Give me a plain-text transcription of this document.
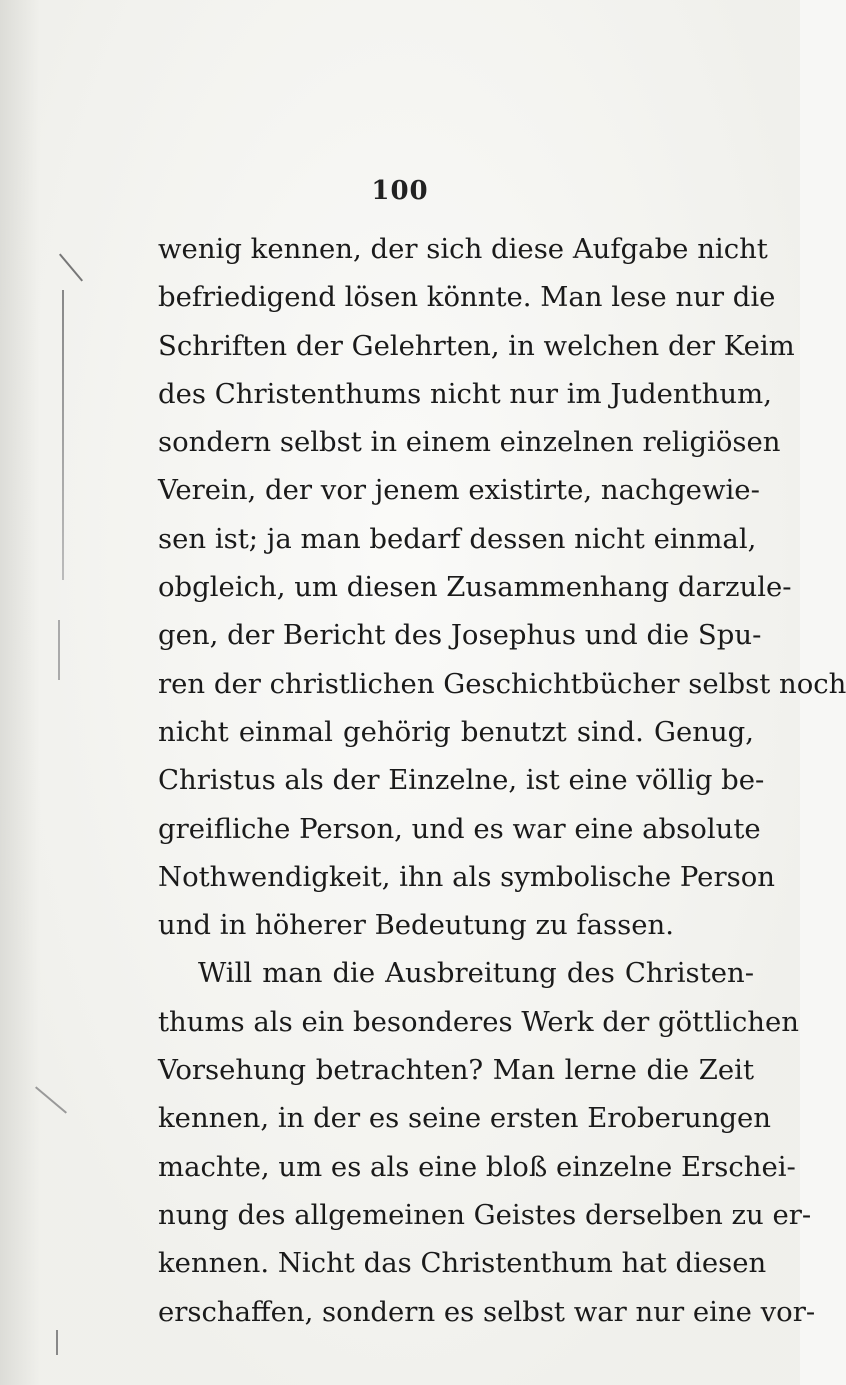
100
wenig kennen, der sich diese Aufgabe nicht
befriedigend lösen könnte. Man lese nur die
Schriften der Gelehrten, in welchen der Keim
des Christenthums nicht nur im Judenthum,
sondern selbst in einem einzelnen religiösen
Verein, der vor jenem existirte, nachgewie-
sen ist; ja man bedarf dessen nicht einmal,
obgleich, um diesen Zusammenhang darzule-
gen, der Bericht des Josephus und die Spu-
ren der christlichen Geschichtbücher selbst noch
nicht einmal gehörig benutzt sind. Genug,
Christus als der Einzelne, ist eine völlig be-
greifliche Person, und es war eine absolute
Nothwendigkeit, ihn als symbolische Person
und in höherer Bedeutung zu fassen.
Will man die Ausbreitung des Christen-
thums als ein besonderes Werk der göttlichen
Vorsehung betrachten? Man lerne die Zeit
kennen, in der es seine ersten Eroberungen
machte, um es als eine bloß einzelne Erschei-
nung des allgemeinen Geistes derselben zu er-
kennen. Nicht das Christenthum hat diesen
erschaffen, sondern es selbst war nur eine vor-
